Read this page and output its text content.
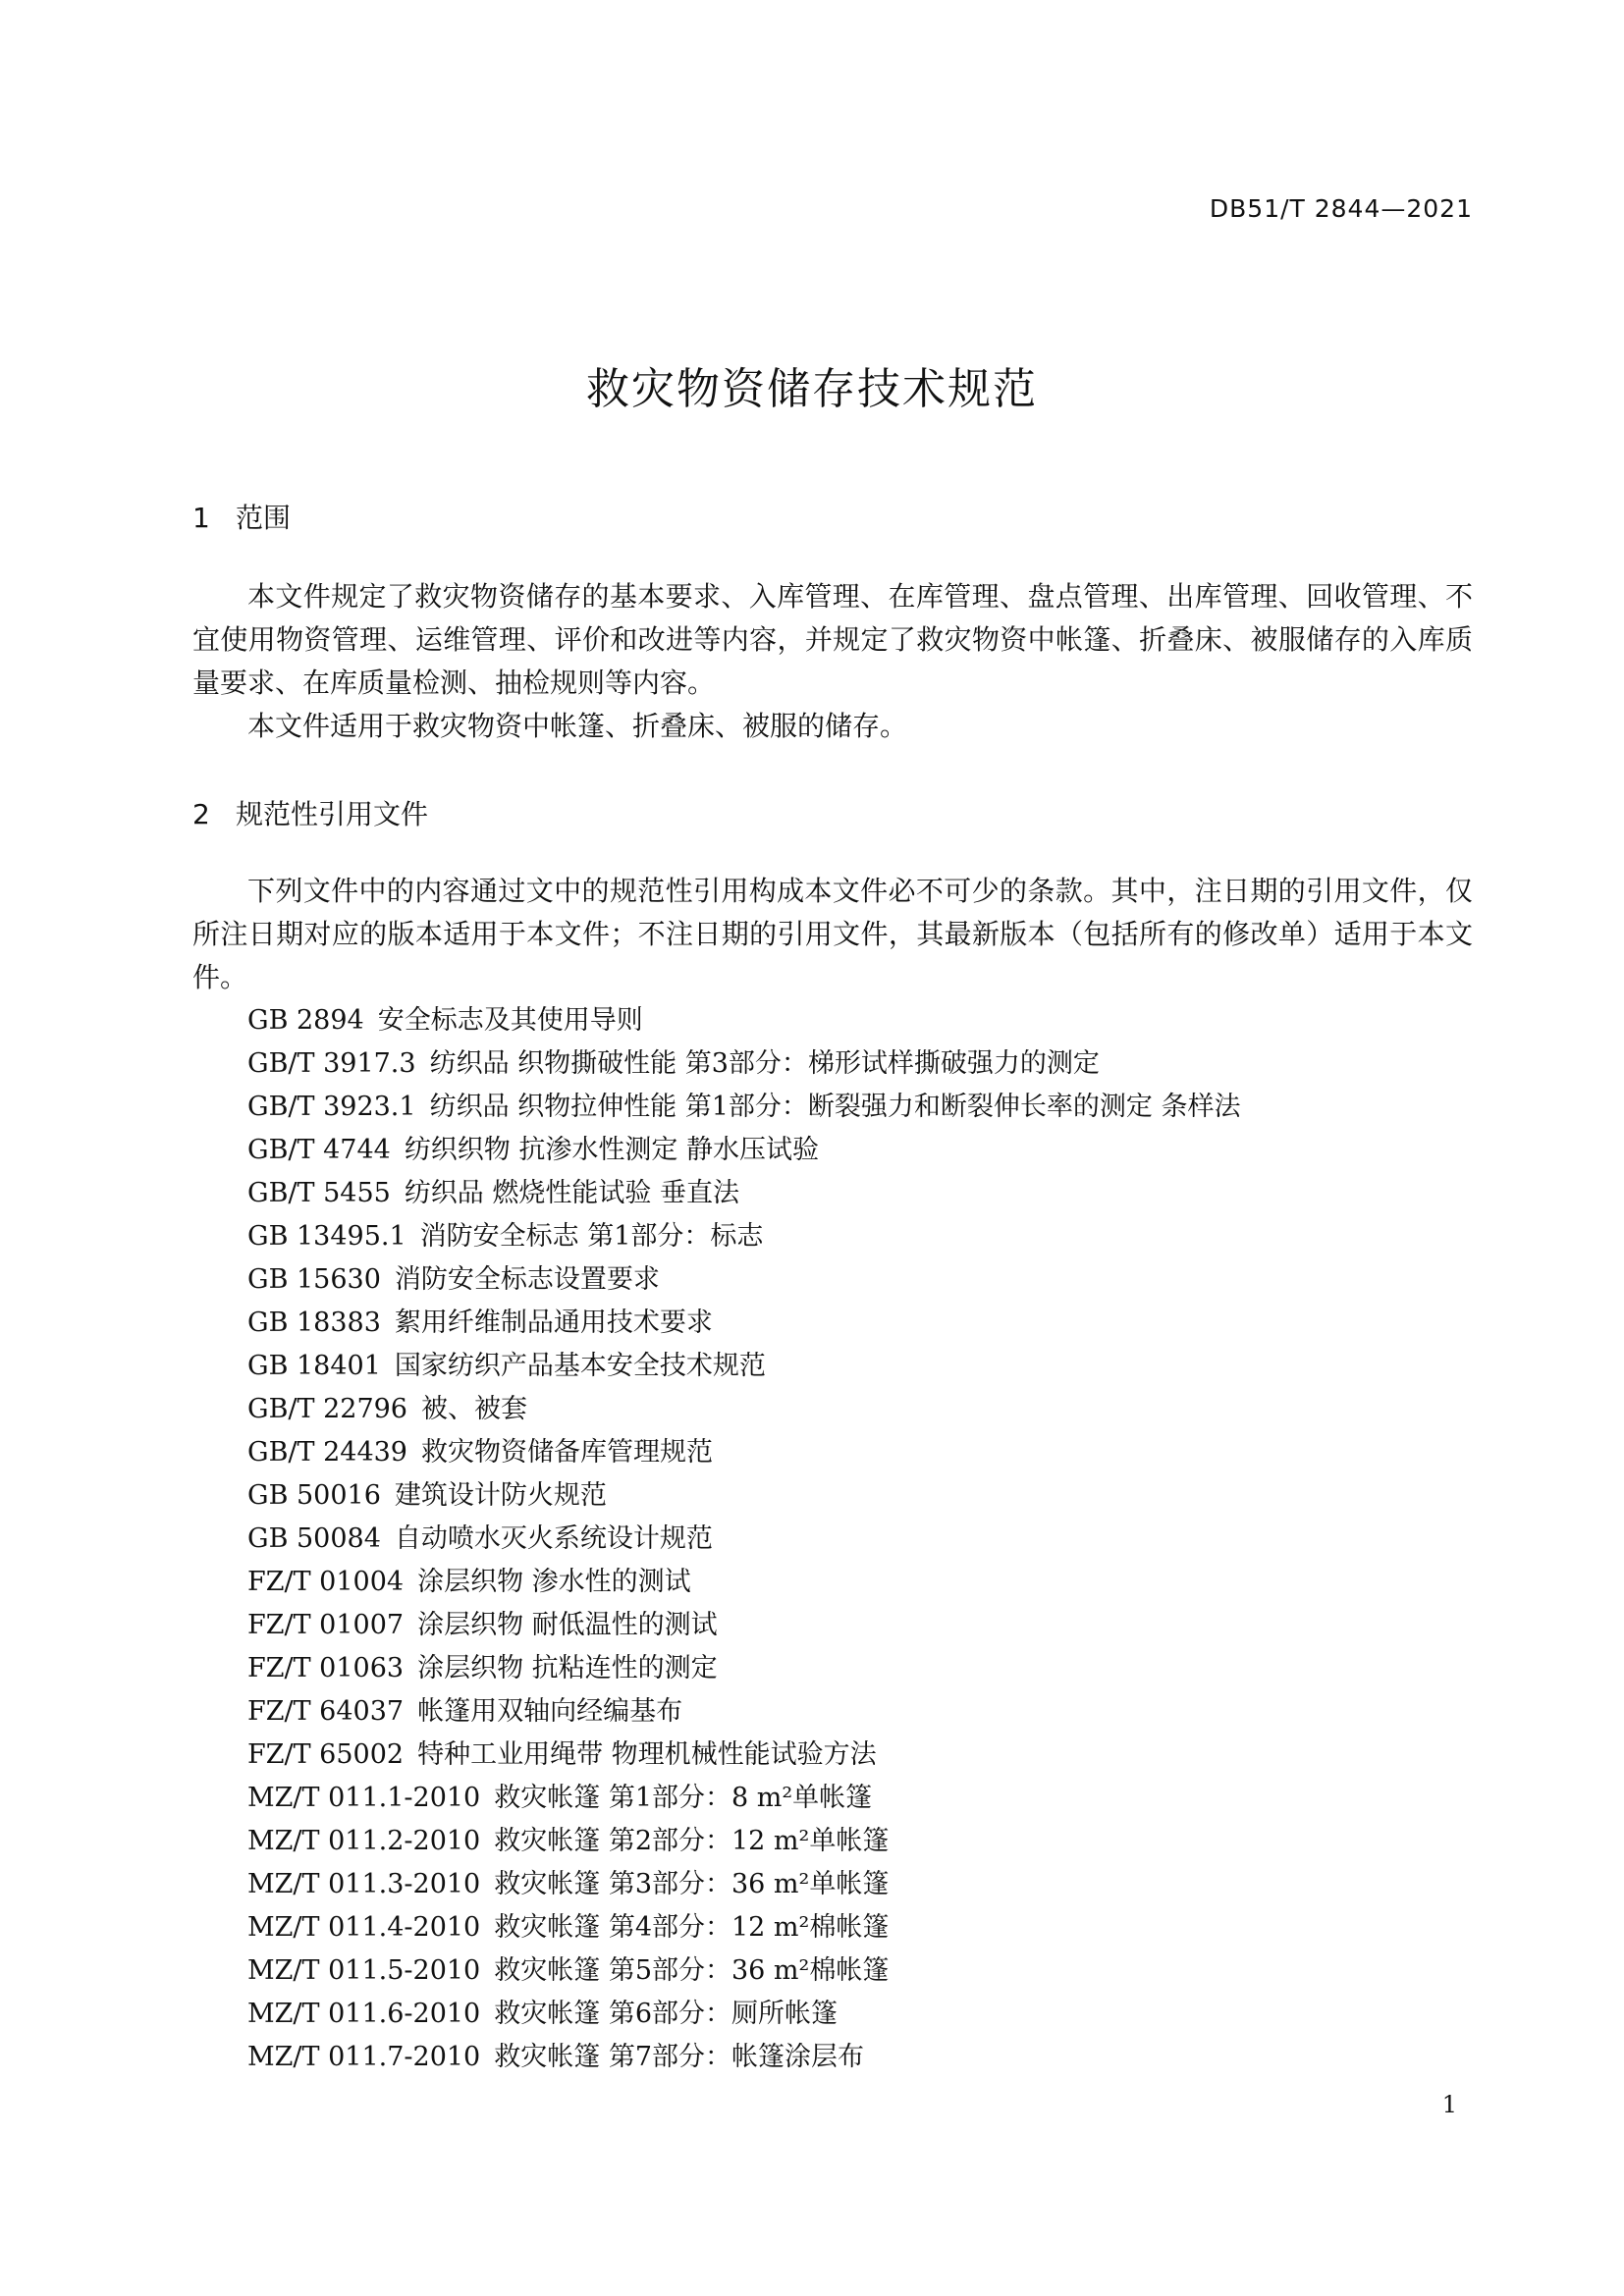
DB51/T 2844—2021
救灾物资储存技术规范
1 范围
本文件规定了救灾物资储存的基本要求、入库管理、在库管理、盘点管理、出库管理、回收管理、不宜使用物资管理、运维管理、评价和改进等内容，并规定了救灾物资中帐篷、折叠床、被服储存的入库质量要求、在库质量检测、抽检规则等内容。
本文件适用于救灾物资中帐篷、折叠床、被服的储存。
2 规范性引用文件
下列文件中的内容通过文中的规范性引用构成本文件必不可少的条款。其中，注日期的引用文件，仅所注日期对应的版本适用于本文件；不注日期的引用文件，其最新版本（包括所有的修改单）适用于本文件。
GB 2894 安全标志及其使用导则
GB/T 3917.3 纺织品 织物撕破性能 第3部分：梯形试样撕破强力的测定
GB/T 3923.1 纺织品 织物拉伸性能 第1部分：断裂强力和断裂伸长率的测定 条样法
GB/T 4744 纺织织物 抗渗水性测定 静水压试验
GB/T 5455 纺织品 燃烧性能试验 垂直法
GB 13495.1 消防安全标志 第1部分：标志
GB 15630 消防安全标志设置要求
GB 18383 絮用纤维制品通用技术要求
GB 18401 国家纺织产品基本安全技术规范
GB/T 22796 被、被套
GB/T 24439 救灾物资储备库管理规范
GB 50016 建筑设计防火规范
GB 50084 自动喷水灭火系统设计规范
FZ/T 01004 涂层织物 渗水性的测试
FZ/T 01007 涂层织物 耐低温性的测试
FZ/T 01063 涂层织物 抗粘连性的测定
FZ/T 64037 帐篷用双轴向经编基布
FZ/T 65002 特种工业用绳带 物理机械性能试验方法
MZ/T 011.1-2010 救灾帐篷 第1部分：8 m²单帐篷
MZ/T 011.2-2010 救灾帐篷 第2部分：12 m²单帐篷
MZ/T 011.3-2010 救灾帐篷 第3部分：36 m²单帐篷
MZ/T 011.4-2010 救灾帐篷 第4部分：12 m²棉帐篷
MZ/T 011.5-2010 救灾帐篷 第5部分：36 m²棉帐篷
MZ/T 011.6-2010 救灾帐篷 第6部分：厕所帐篷
MZ/T 011.7-2010 救灾帐篷 第7部分：帐篷涂层布
1
